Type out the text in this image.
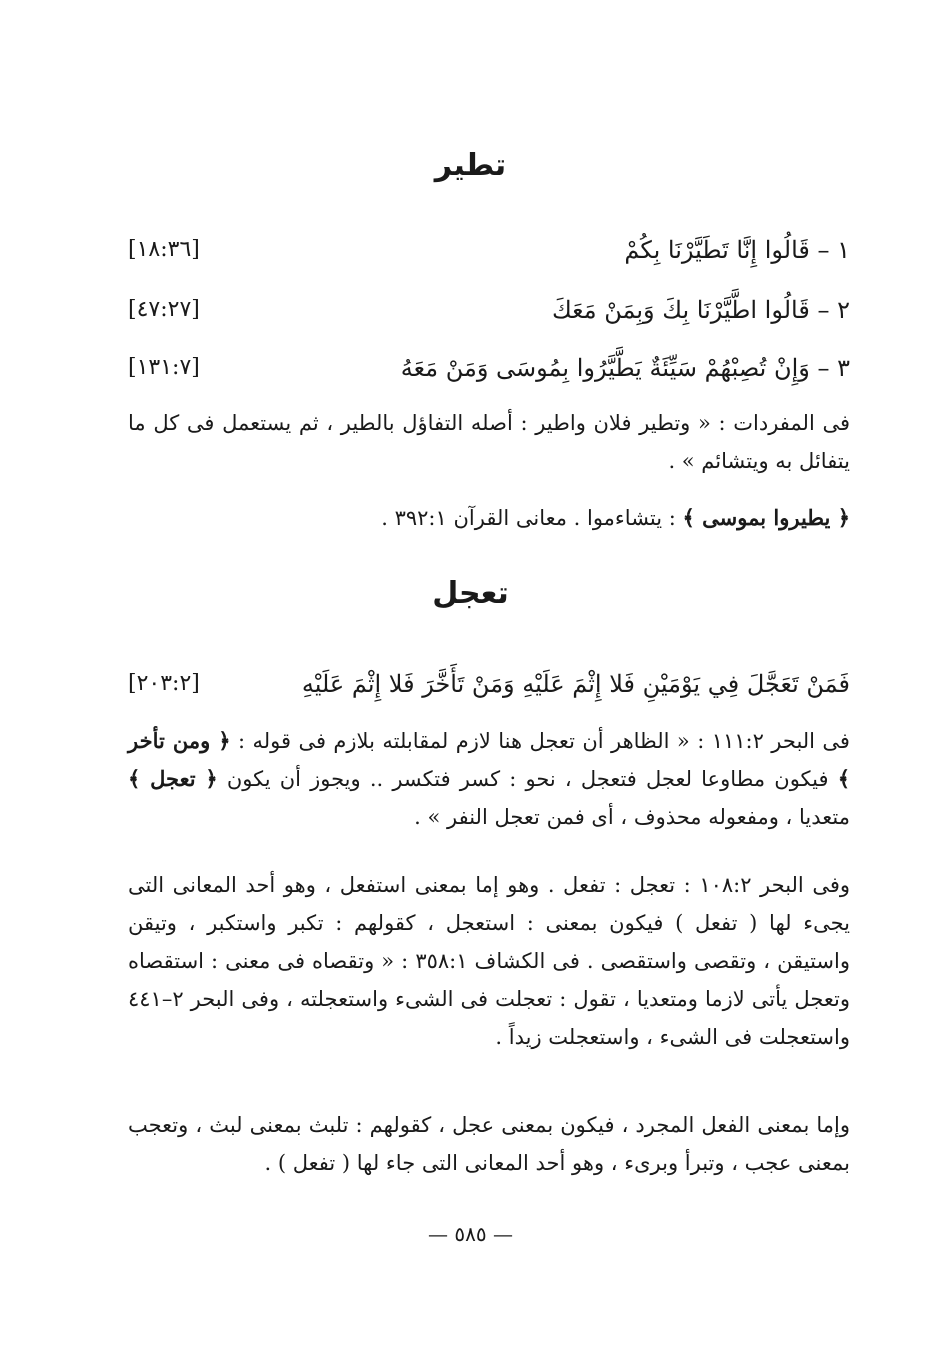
تطير
١ – قَالُوا إِنَّا تَطَيَّرْنَا بِكُمْ
[١٨:٣٦]
٢ – قَالُوا اطَّيَّرْنَا بِكَ وَبِمَنْ مَعَكَ
[٤٧:٢٧]
٣ – وَإِنْ تُصِبْهُمْ سَيِّئَةٌ يَطَّيَّرُوا بِمُوسَى وَمَنْ مَعَهُ
[١٣١:٧]

فى المفردات : « وتطير فلان واطير : أصله التفاؤل بالطير ، ثم يستعمل فى كل ما يتفائل به ويتشائم » .

﴿ يطيروا بموسى ﴾ : يتشاءموا . معانى القرآن ٣٩٢:١ .

تعجل
فَمَنْ تَعَجَّلَ فِي يَوْمَيْنِ فَلا إِثْمَ عَلَيْهِ وَمَنْ تَأَخَّرَ فَلا إِثْمَ عَلَيْهِ
[٢٠٣:٢]

فى البحر ١١١:٢ : « الظاهر أن تعجل هنا لازم لمقابلته بلازم فى قوله : ﴿ ومن تأخر ﴾ فيكون مطاوعا لعجل فتعجل ، نحو : كسر فتكسر .. ويجوز أن يكون ﴿ تعجل ﴾ متعديا ، ومفعوله محذوف ، أى فمن تعجل النفر » .

وفى البحر ١٠٨:٢ : تعجل : تفعل . وهو إما بمعنى استفعل ، وهو أحد المعانى التى يجىء لها ( تفعل ) فيكون بمعنى : استعجل ، كقولهم : تكبر واستكبر ، وتيقن واستيقن ، وتقصى واستقصى . فى الكشاف ٣٥٨:١ : « وتقصاه فى معنى : استقصاه وتعجل يأتى لازما ومتعديا ، تقول : تعجلت فى الشىء واستعجلته ، وفى البحر ٢–٤٤١ واستعجلت فى الشىء ، واستعجلت زيداً .

وإما بمعنى الفعل المجرد ، فيكون بمعنى عجل ، كقولهم : تلبث بمعنى لبث ، وتعجب بمعنى عجب ، وتبرأ وبرىء ، وهو أحد المعانى التى جاء لها ( تفعل ) .

— ٥٨٥ —
